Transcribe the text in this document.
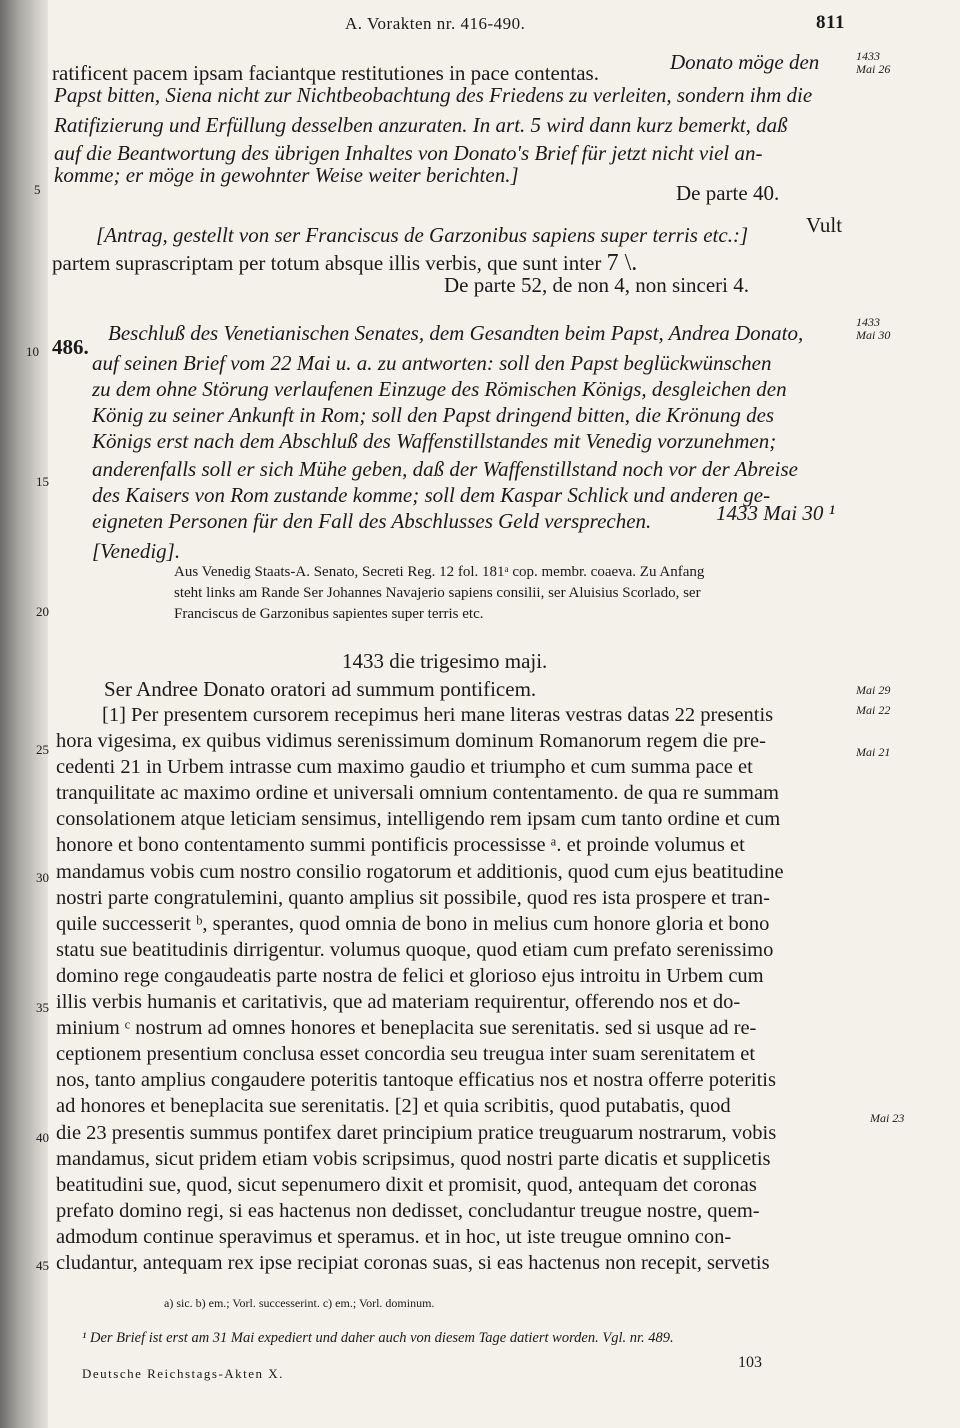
A. Vorakten nr. 416-490.	811
ratificent pacem ipsam faciantque restitutiones in pace contentas.	Donato möge den
Papst bitten, Siena nicht zur Nichtbeobachtung des Friedens zu verleiten, sondern ihm die
Ratifizierung und Erfüllung desselben anzuraten. In art. 5 wird dann kurz bemerkt, daß
auf die Beantwortung des übrigen Inhaltes von Donato's Brief für jetzt nicht viel an-
komme; er möge in gewohnter Weise weiter berichten.]
De parte 40.
[Antrag, gestellt von ser Franciscus de Garzonibus sapiens super terris etc.:]	Vult
partem suprascriptam per totum absque illis verbis, que sunt inter 7 \.
De parte 52, de non 4, non sinceri 4.
486.
Beschluß des Venetianischen Senates, dem Gesandten beim Papst, Andrea Donato,
auf seinen Brief vom 22 Mai u. a. zu antworten: soll den Papst beglückwünschen
zu dem ohne Störung verlaufenen Einzuge des Römischen Königs, desgleichen den
König zu seiner Ankunft in Rom; soll den Papst dringend bitten, die Krönung des
Königs erst nach dem Abschluß des Waffenstillstandes mit Venedig vorzunehmen;
anderenfalls soll er sich Mühe geben, daß der Waffenstillstand noch vor der Abreise
des Kaisers von Rom zustande komme; soll dem Kaspar Schlick und anderen ge-
eigneten Personen für den Fall des Abschlusses Geld versprechen.	1433 Mai 30 ¹
[Venedig].
Aus Venedig Staats-A. Senato, Secreti Reg. 12 fol. 181ᵃ cop. membr. coaeva. Zu Anfang
steht links am Rande Ser Johannes Navajerio sapiens consilii, ser Aluisius Scorlado, ser
Franciscus de Garzonibus sapientes super terris etc.
1433 die trigesimo maji.
Ser Andree Donato oratori ad summum pontificem.

[1] Per presentem cursorem recepimus heri mane literas vestras datas 22 presentis

hora vigesima, ex quibus vidimus serenissimum dominum Romanorum regem die pre-

cedenti 21 in Urbem intrasse cum maximo gaudio et triumpho et cum summa pace et

tranquilitate ac maximo ordine et universali omnium contentamento. de qua re summam

consolationem atque leticiam sensimus, intelligendo rem ipsam cum tanto ordine et cum

honore et bono contentamento summi pontificis processisse ᵃ. et proinde volumus et

mandamus vobis cum nostro consilio rogatorum et additionis, quod cum ejus beatitudine

nostri parte congratulemini, quanto amplius sit possibile, quod res ista prospere et tran-

quile successerit ᵇ, sperantes, quod omnia de bono in melius cum honore gloria et bono

statu sue beatitudinis dirrigentur. volumus quoque, quod etiam cum prefato serenissimo

domino rege congaudeatis parte nostra de felici et glorioso ejus introitu in Urbem cum

illis verbis humanis et caritativis, que ad materiam requirentur, offerendo nos et do-

minium ᶜ nostrum ad omnes honores et beneplacita sue serenitatis. sed si usque ad re-

ceptionem presentium conclusa esset concordia seu treugua inter suam serenitatem et

nos, tanto amplius congaudere poteritis tantoque efficatius nos et nostra offerre poteritis

ad honores et beneplacita sue serenitatis. [2] et quia scribitis, quod putabatis, quod

die 23 presentis summus pontifex daret principium pratice treuguarum nostrarum, vobis

mandamus, sicut pridem etiam vobis scripsimus, quod nostri parte dicatis et supplicetis

beatitudini sue, quod, sicut sepenumero dixit et promisit, quod, antequam det coronas

prefato domino regi, si eas hactenus non dedisset, concludantur treugue nostre, quem-

admodum continue speravimus et speramus. et in hoc, ut iste treugue omnino con-

cludantur, antequam rex ipse recipiat coronas suas, si eas hactenus non recepit, servetis

1433
Mai 26
1433
Mai 30
Mai 29
Mai 22
Mai 21
Mai 23
5
10
15
20
25
30
35
40
45
a) sic. b) em.; Vorl. successerint. c) em.; Vorl. dominum.
¹ Der Brief ist erst am 31 Mai expediert und daher auch von diesem Tage datiert worden. Vgl. nr. 489.
103
Deutsche Reichstags-Akten X.
